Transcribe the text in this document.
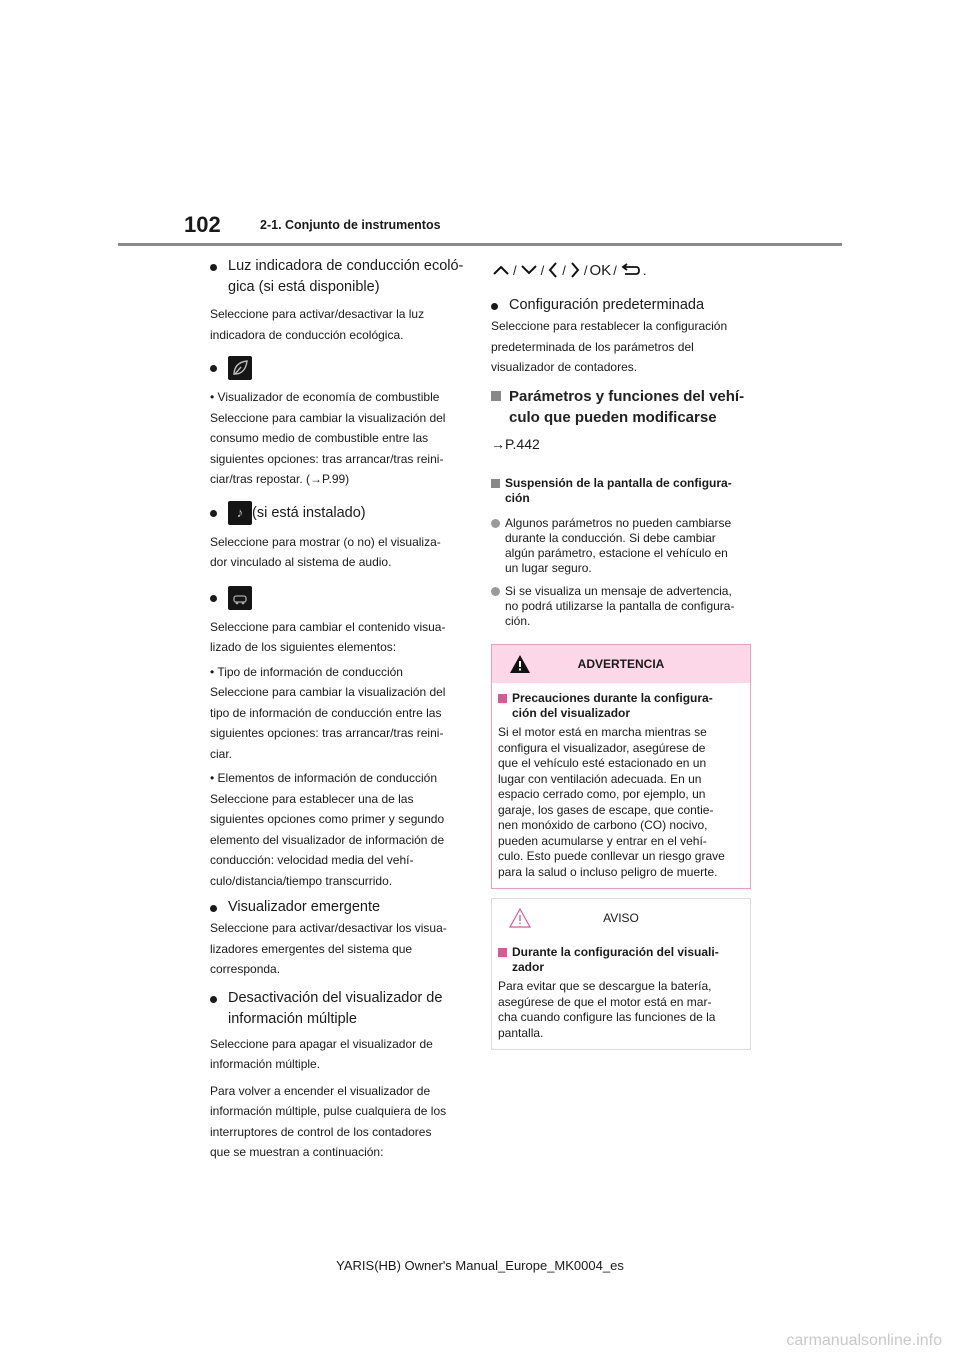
102	2-1. Conjunto de instrumentos
Luz indicadora de conducción ecoló-
gica (si está disponible)
Seleccione para activar/desactivar la luz
indicadora de conducción ecológica.
• Visualizador de economía de combustible
Seleccione para cambiar la visualización del
consumo medio de combustible entre las
siguientes opciones: tras arrancar/tras reini-
ciar/tras repostar. (→P.99)
♪ (si está instalado)
Seleccione para mostrar (o no) el visualiza-
dor vinculado al sistema de audio.
Seleccione para cambiar el contenido visua-
lizado de los siguientes elementos:
• Tipo de información de conducción
Seleccione para cambiar la visualización del
tipo de información de conducción entre las
siguientes opciones: tras arrancar/tras reini-
ciar.
• Elementos de información de conducción
Seleccione para establecer una de las
siguientes opciones como primer y segundo
elemento del visualizador de información de
conducción: velocidad media del vehí-
culo/distancia/tiempo transcurrido.
Visualizador emergente
Seleccione para activar/desactivar los visua-
lizadores emergentes del sistema que
corresponda.
Desactivación del visualizador de
información múltiple
Seleccione para apagar el visualizador de
información múltiple.
Para volver a encender el visualizador de
información múltiple, pulse cualquiera de los
interruptores de control de los contadores
que se muestran a continuación:
/ / / / OK / .
Configuración predeterminada
Seleccione para restablecer la configuración
predeterminada de los parámetros del
visualizador de contadores.
Parámetros y funciones del vehí-
culo que pueden modificarse
→P.442
Suspensión de la pantalla de configura-
ción
Algunos parámetros no pueden cambiarse
durante la conducción. Si debe cambiar
algún parámetro, estacione el vehículo en
un lugar seguro.
Si se visualiza un mensaje de advertencia,
no podrá utilizarse la pantalla de configura-
ción.
ADVERTENCIA
Precauciones durante la configura-
ción del visualizador
Si el motor está en marcha mientras se
configura el visualizador, asegúrese de
que el vehículo esté estacionado en un
lugar con ventilación adecuada. En un
espacio cerrado como, por ejemplo, un
garaje, los gases de escape, que contie-
nen monóxido de carbono (CO) nocivo,
pueden acumularse y entrar en el vehí-
culo. Esto puede conllevar un riesgo grave
para la salud o incluso peligro de muerte.
AVISO
Durante la configuración del visuali-
zador
Para evitar que se descargue la batería,
asegúrese de que el motor está en mar-
cha cuando configure las funciones de la
pantalla.
YARIS(HB) Owner's Manual_Europe_MK0004_es
carmanualsonline.info
